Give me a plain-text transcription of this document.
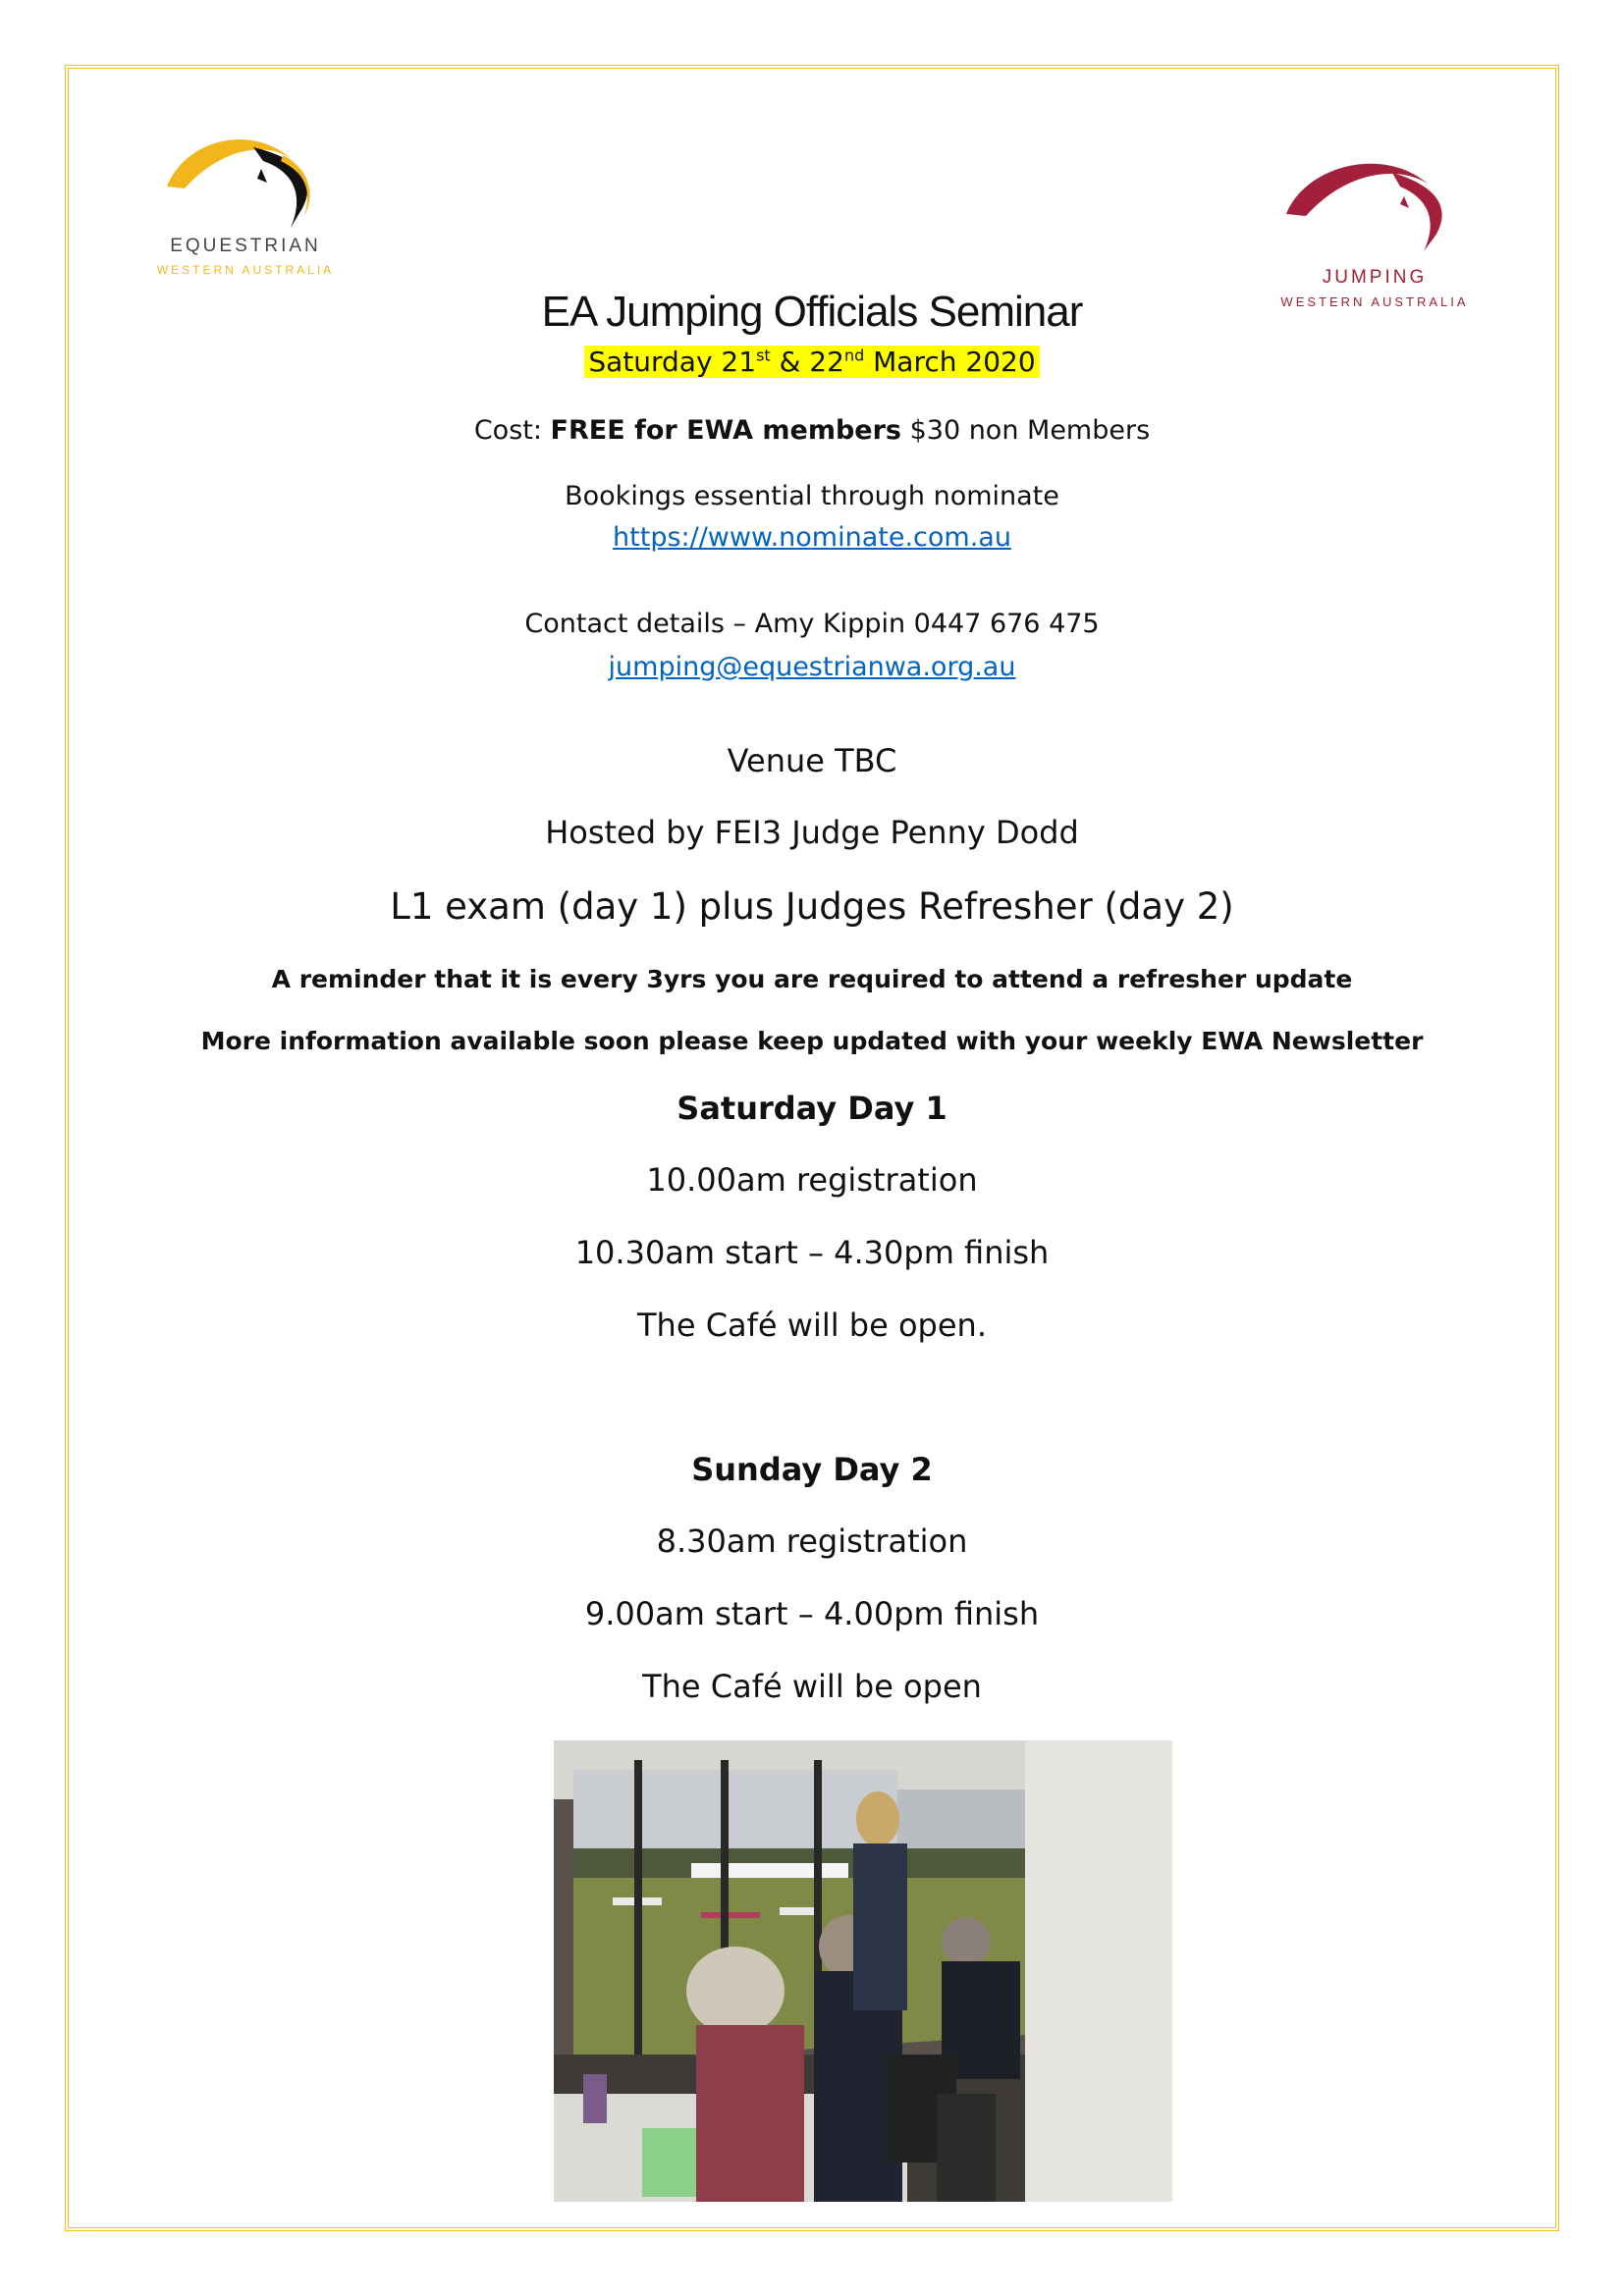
EQUESTRIAN
WESTERN AUSTRALIA	JUMPING
WESTERN AUSTRALIA
EA Jumping Officials Seminar
Saturday 21st & 22nd March 2020
Cost: FREE for EWA members $30 non Members
Bookings essential through nominate
https://www.nominate.com.au
Contact details – Amy Kippin 0447 676 475
jumping@equestrianwa.org.au
Venue TBC
Hosted by FEI3 Judge Penny Dodd
L1 exam (day 1) plus Judges Refresher (day 2)
A reminder that it is every 3yrs you are required to attend a refresher update
More information available soon please keep updated with your weekly EWA Newsletter
Saturday Day 1
10.00am registration
10.30am start – 4.30pm finish
The Café will be open.
Sunday Day 2
8.30am registration
9.00am start – 4.00pm finish
The Café will be open
